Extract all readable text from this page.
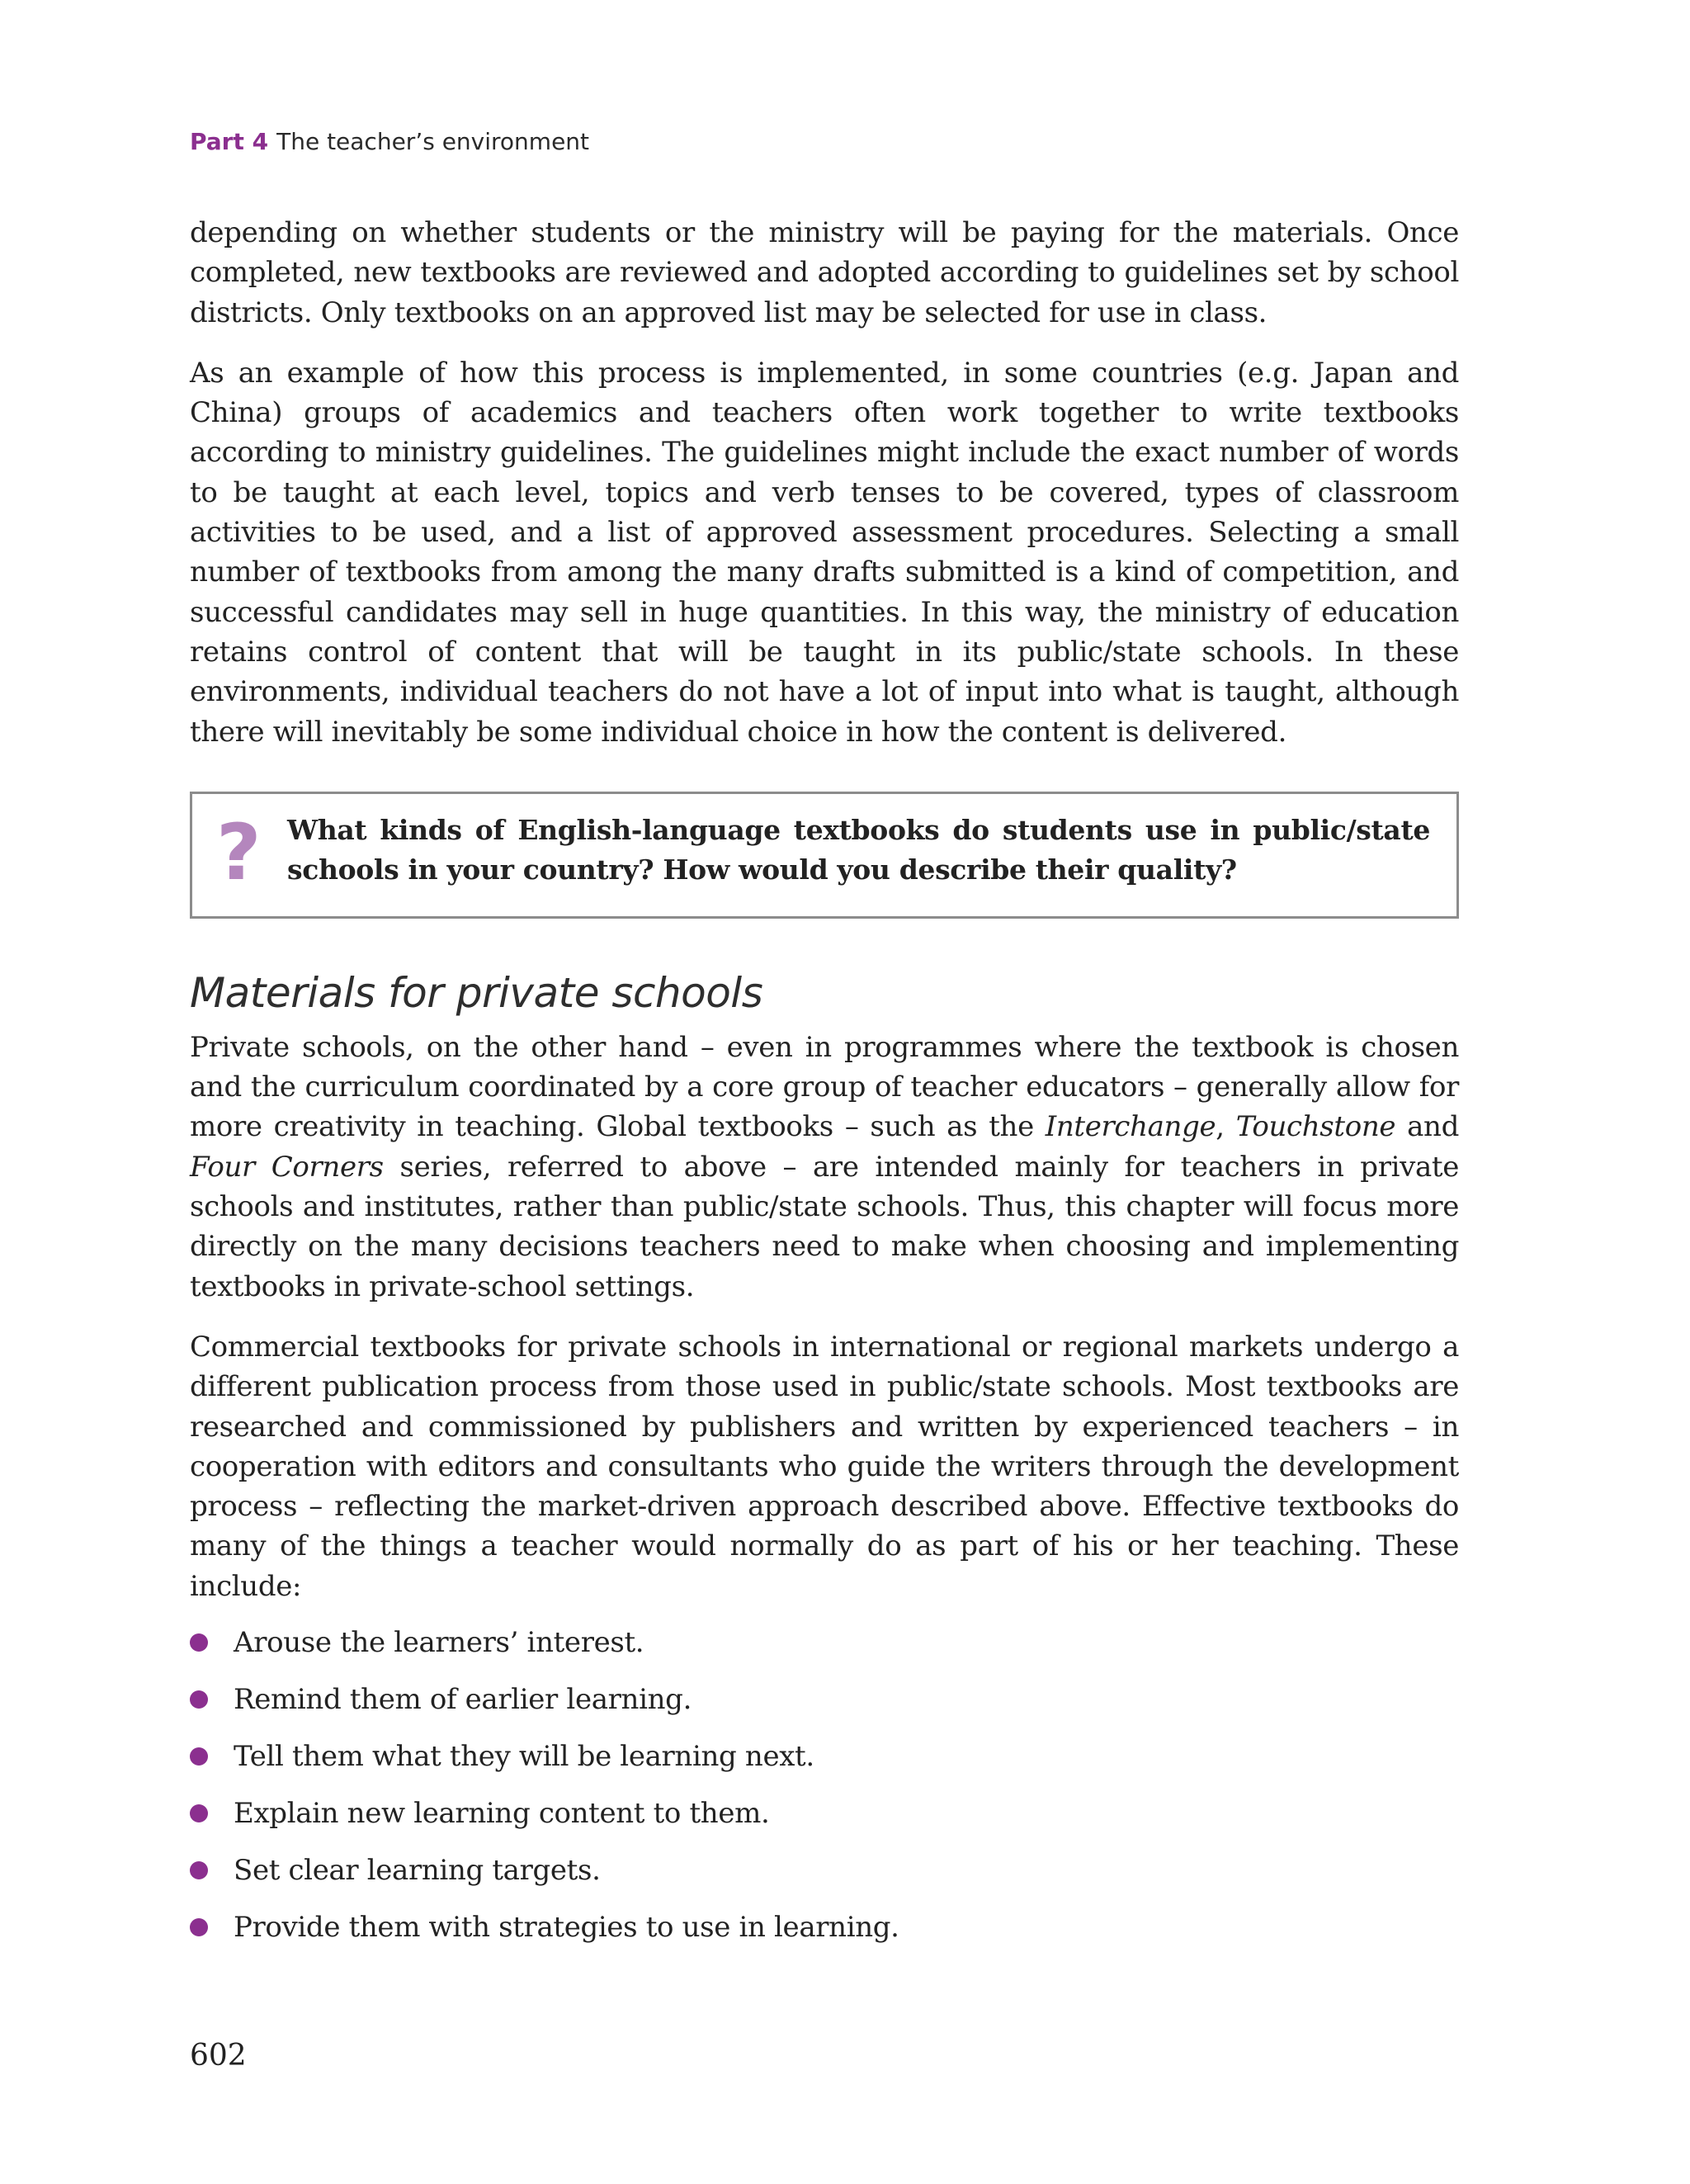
Part 4 The teacher’s environment

depending on whether students or the ministry will be paying for the materials. Once completed, new textbooks are reviewed and adopted according to guidelines set by school districts. Only textbooks on an approved list may be selected for use in class.

As an example of how this process is implemented, in some countries (e.g. Japan and China) groups of academics and teachers often work together to write textbooks according to ministry guidelines. The guidelines might include the exact number of words to be taught at each level, topics and verb tenses to be covered, types of classroom activities to be used, and a list of approved assessment procedures. Selecting a small number of textbooks from among the many drafts submitted is a kind of competition, and successful candidates may sell in huge quantities. In this way, the ministry of education retains control of content that will be taught in its public/state schools. In these environments, individual teachers do not have a lot of input into what is taught, although there will inevitably be some individual choice in how the content is delivered.

? What kinds of English-language textbooks do students use in public/state schools in your country? How would you describe their quality?
Materials for private schools

Private schools, on the other hand – even in programmes where the textbook is chosen and the curriculum coordinated by a core group of teacher educators – generally allow for more creativity in teaching. Global textbooks – such as the Interchange, Touchstone and Four Corners series, referred to above – are intended mainly for teachers in private schools and institutes, rather than public/state schools. Thus, this chapter will focus more directly on the many decisions teachers need to make when choosing and implementing textbooks in private-school settings.

Commercial textbooks for private schools in international or regional markets undergo a different publication process from those used in public/state schools. Most textbooks are researched and commissioned by publishers and written by experienced teachers – in cooperation with editors and consultants who guide the writers through the development process – reflecting the market-driven approach described above. Effective textbooks do many of the things a teacher would normally do as part of his or her teaching. These include:

Arouse the learners’ interest.
Remind them of earlier learning.
Tell them what they will be learning next.
Explain new learning content to them.
Set clear learning targets.
Provide them with strategies to use in learning.
602
